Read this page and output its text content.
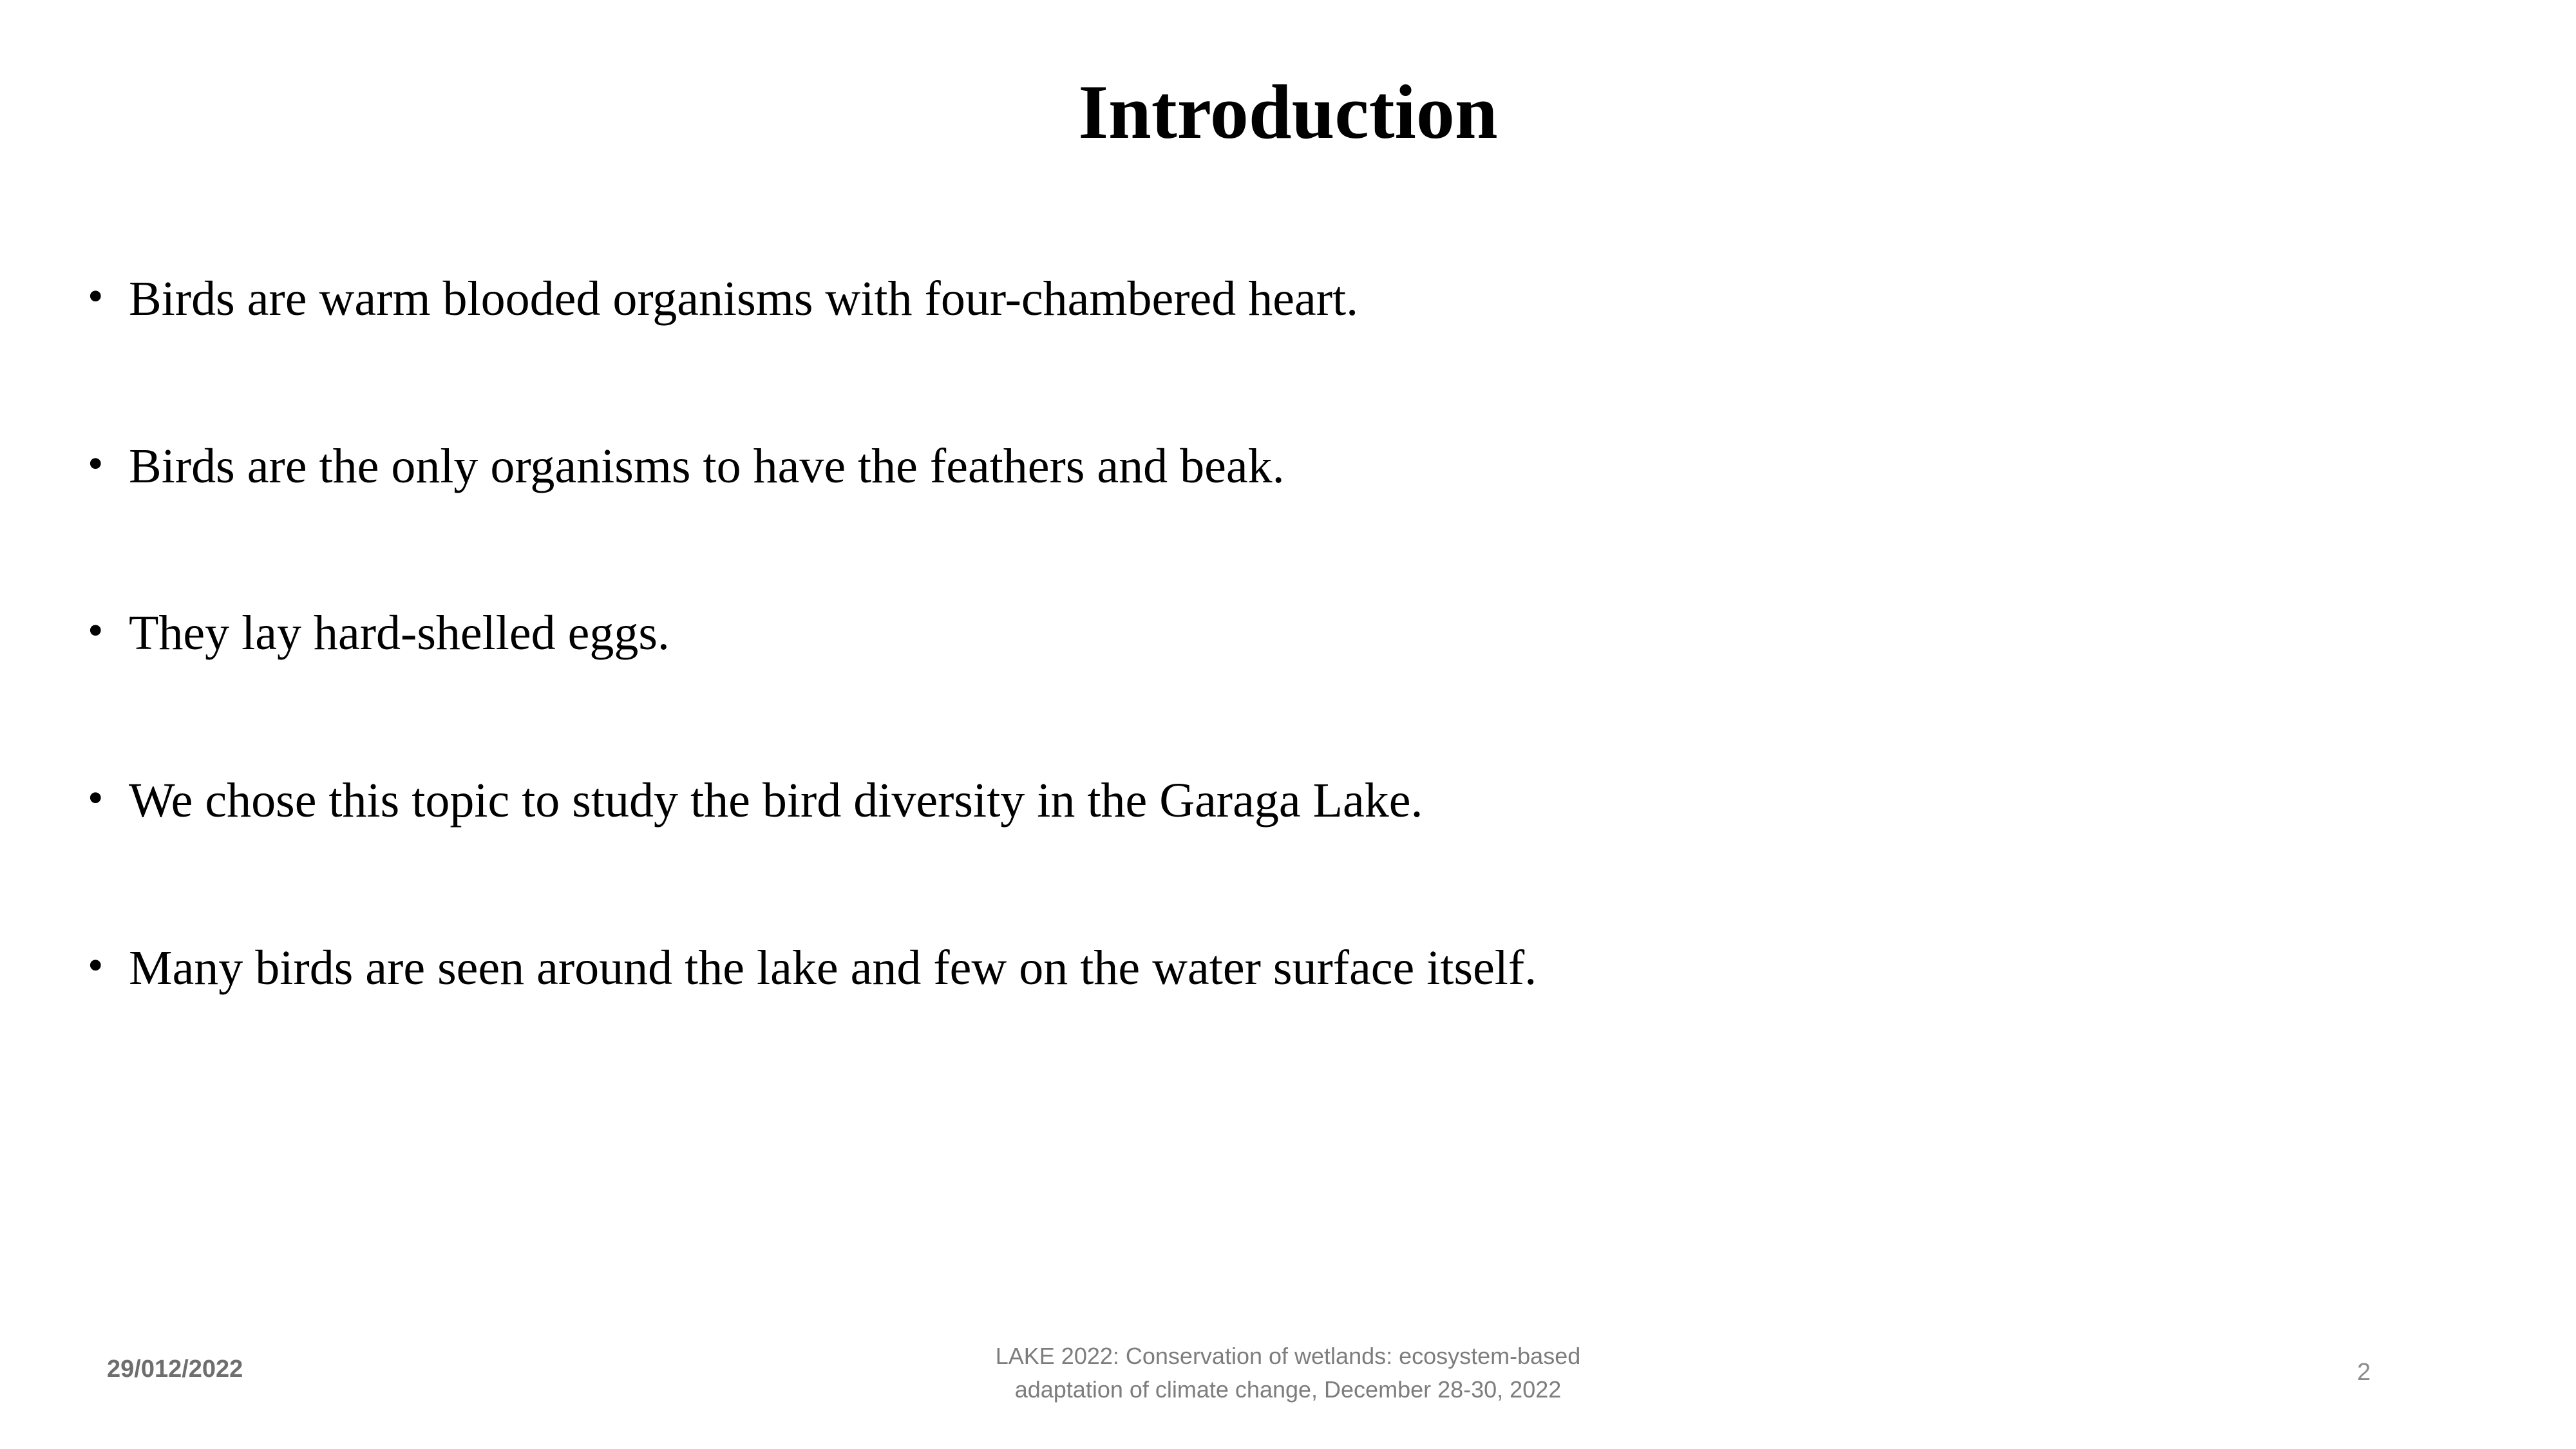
Introduction
• Birds are warm blooded organisms with four-chambered heart.
• Birds are the only organisms to have the feathers and beak.
• They lay hard-shelled eggs.
• We chose this topic to study the bird diversity in the Garaga Lake.
• Many birds are seen around the lake and few on the water surface itself.
29/012/2022	LAKE 2022: Conservation of wetlands: ecosystem-based
adaptation of climate change, December 28-30, 2022
2
